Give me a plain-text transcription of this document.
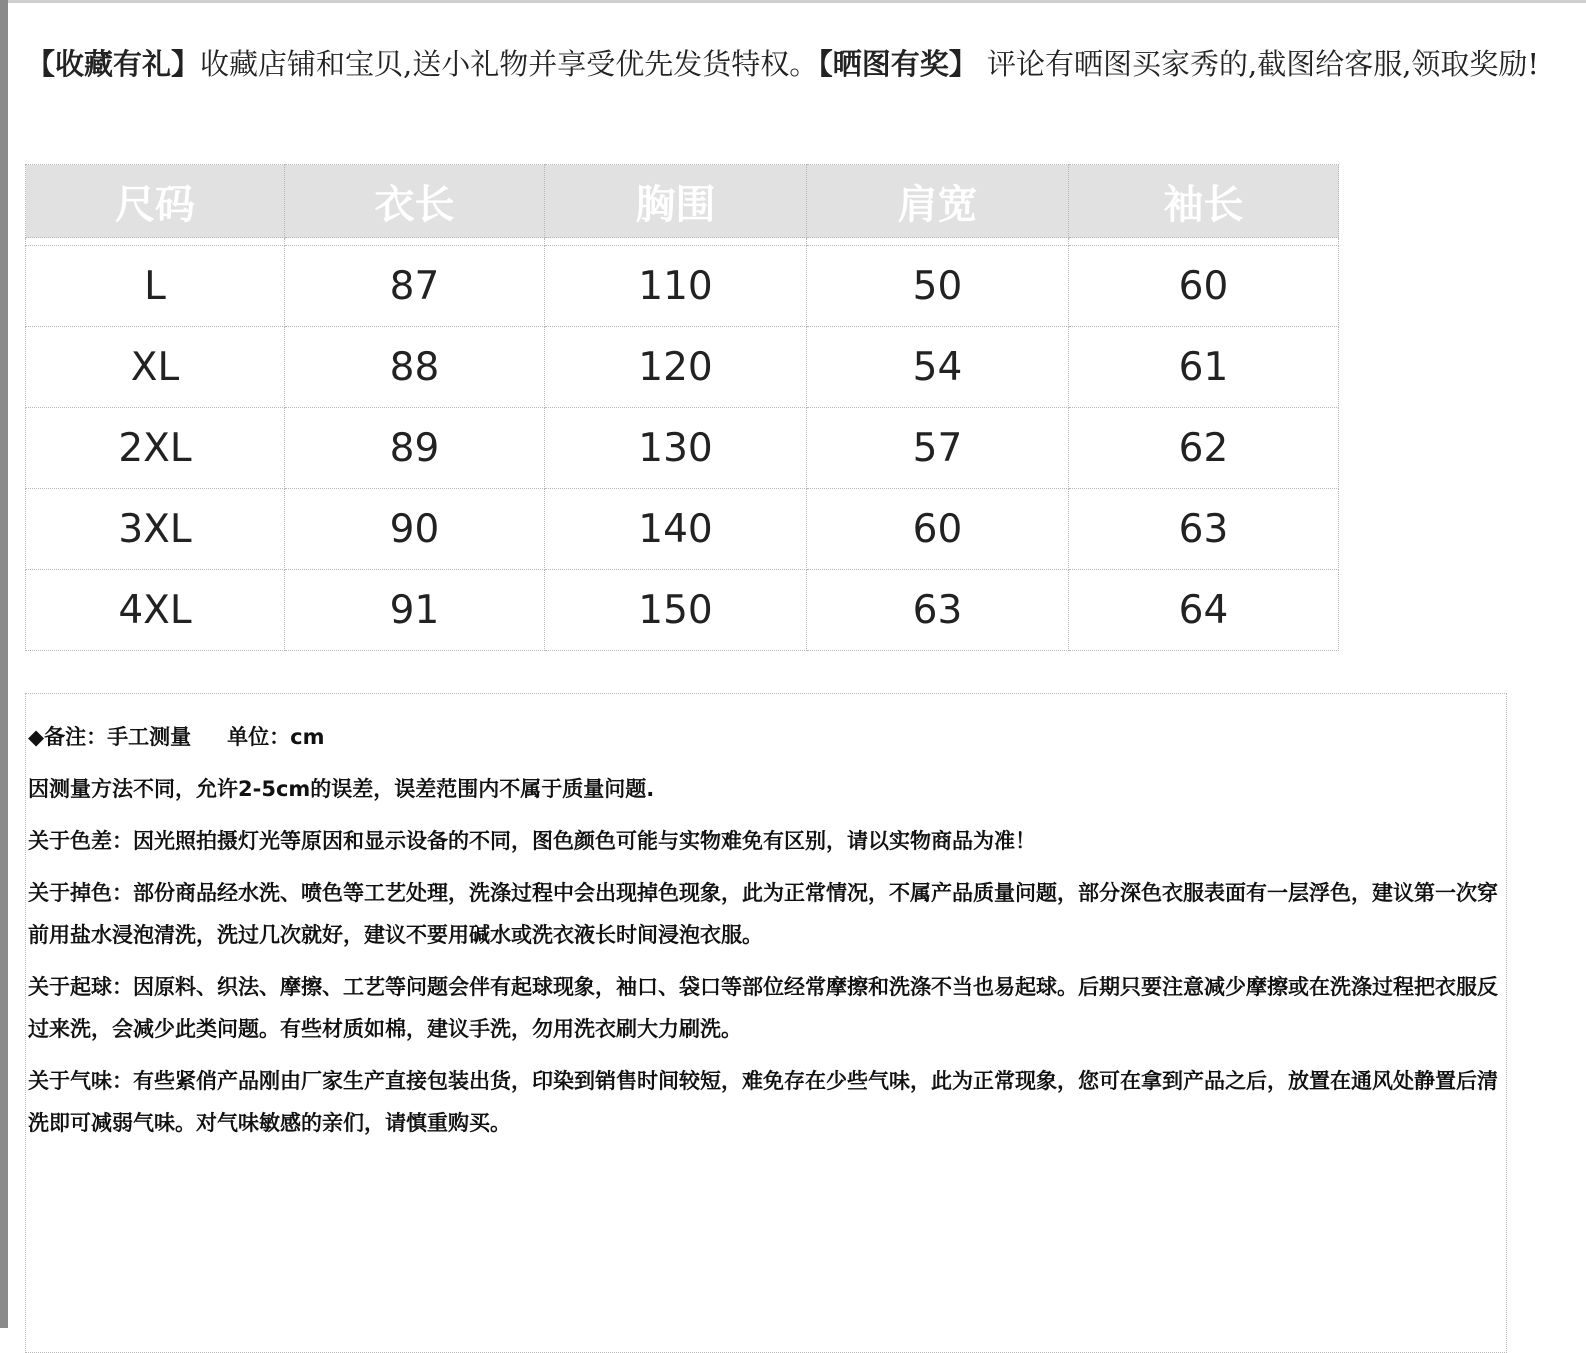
【收藏有礼】收藏店铺和宝贝,送小礼物并享受优先发货特权。【晒图有奖】 评论有晒图买家秀的,截图给客服,领取奖励!
尺码	衣长	胸围	肩宽	袖长

L	87	110	50	60
XL	88	120	54	61
2XL	89	130	57	62
3XL	90	140	60	63
4XL	91	150	63	64

◆备注：手工测量 单位：cm

因测量方法不同，允许2-5cm的误差，误差范围内不属于质量问题.

关于色差：因光照拍摄灯光等原因和显示设备的不同，图色颜色可能与实物难免有区别，请以实物商品为准！

关于掉色：部份商品经水洗、喷色等工艺处理，洗涤过程中会出现掉色现象，此为正常情况，不属产品质量问题，部分深色衣服表面有一层浮色，建议第一次穿前用盐水浸泡清洗，洗过几次就好，建议不要用碱水或洗衣液长时间浸泡衣服。

关于起球：因原料、织法、摩擦、工艺等问题会伴有起球现象，袖口、袋口等部位经常摩擦和洗涤不当也易起球。后期只要注意减少摩擦或在洗涤过程把衣服反过来洗，会减少此类问题。有些材质如棉，建议手洗，勿用洗衣刷大力刷洗。

关于气味：有些紧俏产品刚由厂家生产直接包装出货，印染到销售时间较短，难免存在少些气味，此为正常现象，您可在拿到产品之后，放置在通风处静置后清洗即可减弱气味。对气味敏感的亲们，请慎重购买。
